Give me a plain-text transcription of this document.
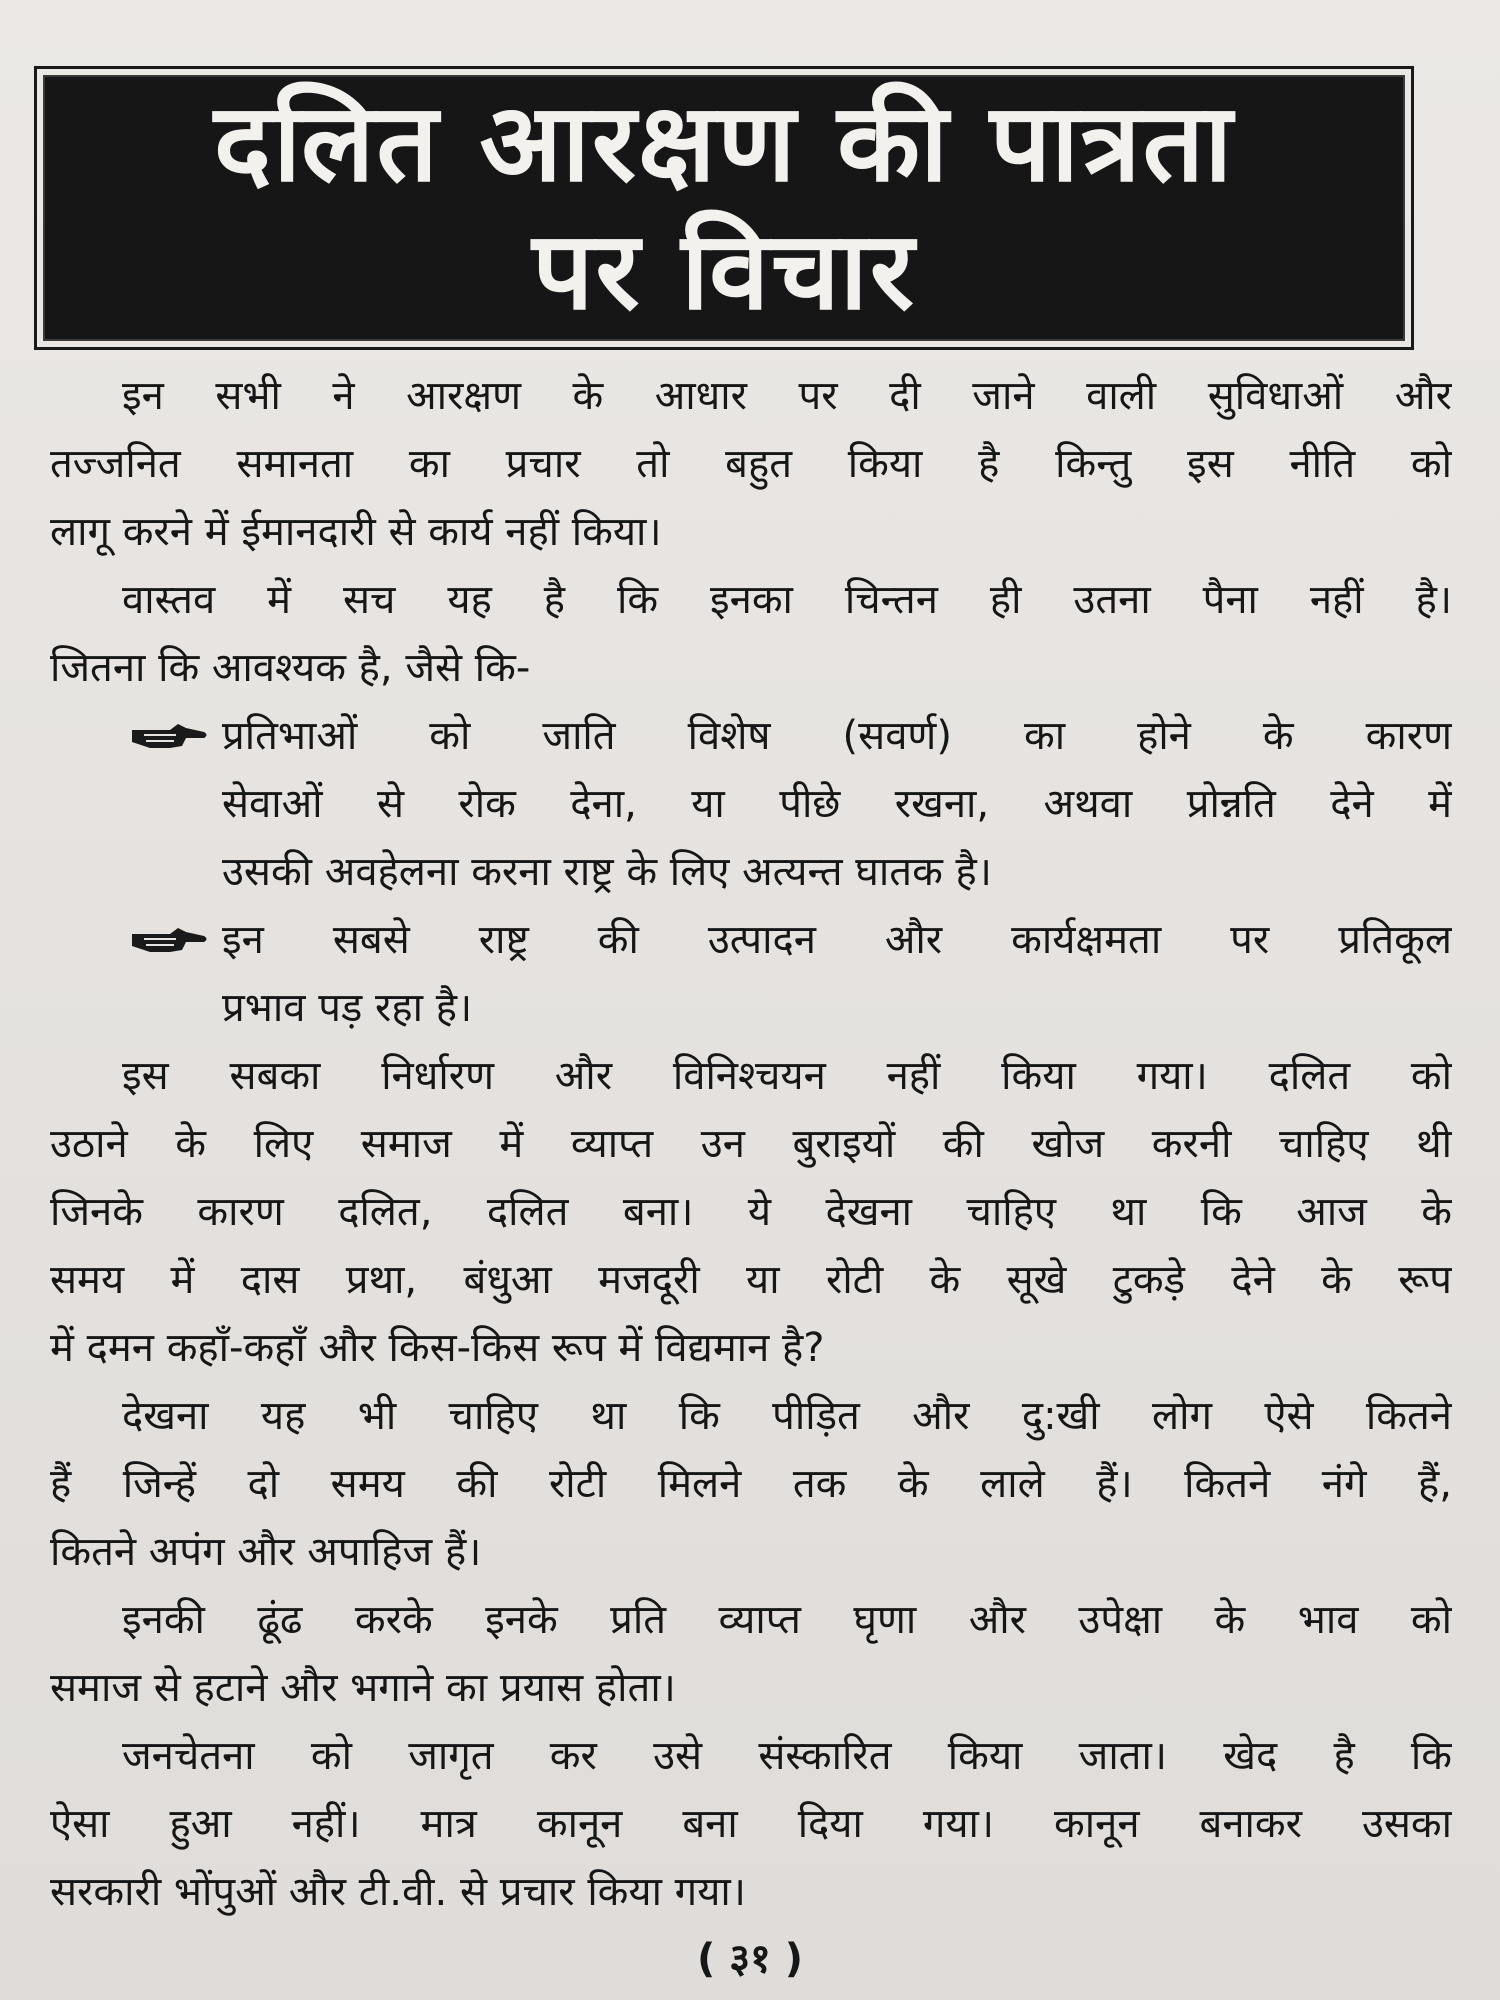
दलित आरक्षण की पात्रता
पर विचार
इन सभी ने आरक्षण के आधार पर दी जाने वाली सुविधाओं और
तज्जनित समानता का प्रचार तो बहुत किया है किन्तु इस नीति को
लागू करने में ईमानदारी से कार्य नहीं किया।
वास्तव में सच यह है कि इनका चिन्तन ही उतना पैना नहीं है।
जितना कि आवश्यक है, जैसे कि-
प्रतिभाओं को जाति विशेष (सवर्ण) का होने के कारण
सेवाओं से रोक देना, या पीछे रखना, अथवा प्रोन्नति देने में
उसकी अवहेलना करना राष्ट्र के लिए अत्यन्त घातक है।
इन सबसे राष्ट्र की उत्पादन और कार्यक्षमता पर प्रतिकूल
प्रभाव पड़ रहा है।
इस सबका निर्धारण और विनिश्चयन नहीं किया गया। दलित को
उठाने के लिए समाज में व्याप्त उन बुराइयों की खोज करनी चाहिए थी
जिनके कारण दलित, दलित बना। ये देखना चाहिए था कि आज के
समय में दास प्रथा, बंधुआ मजदूरी या रोटी के सूखे टुकड़े देने के रूप
में दमन कहाँ-कहाँ और किस-किस रूप में विद्यमान है?
देखना यह भी चाहिए था कि पीड़ित और दु:खी लोग ऐसे कितने
हैं जिन्हें दो समय की रोटी मिलने तक के लाले हैं। कितने नंगे हैं,
कितने अपंग और अपाहिज हैं।
इनकी ढूंढ करके इनके प्रति व्याप्त घृणा और उपेक्षा के भाव को
समाज से हटाने और भगाने का प्रयास होता।
जनचेतना को जागृत कर उसे संस्कारित किया जाता। खेद है कि
ऐसा हुआ नहीं। मात्र कानून बना दिया गया। कानून बनाकर उसका
सरकारी भोंपुओं और टी.वी. से प्रचार किया गया।
( ३१ )
